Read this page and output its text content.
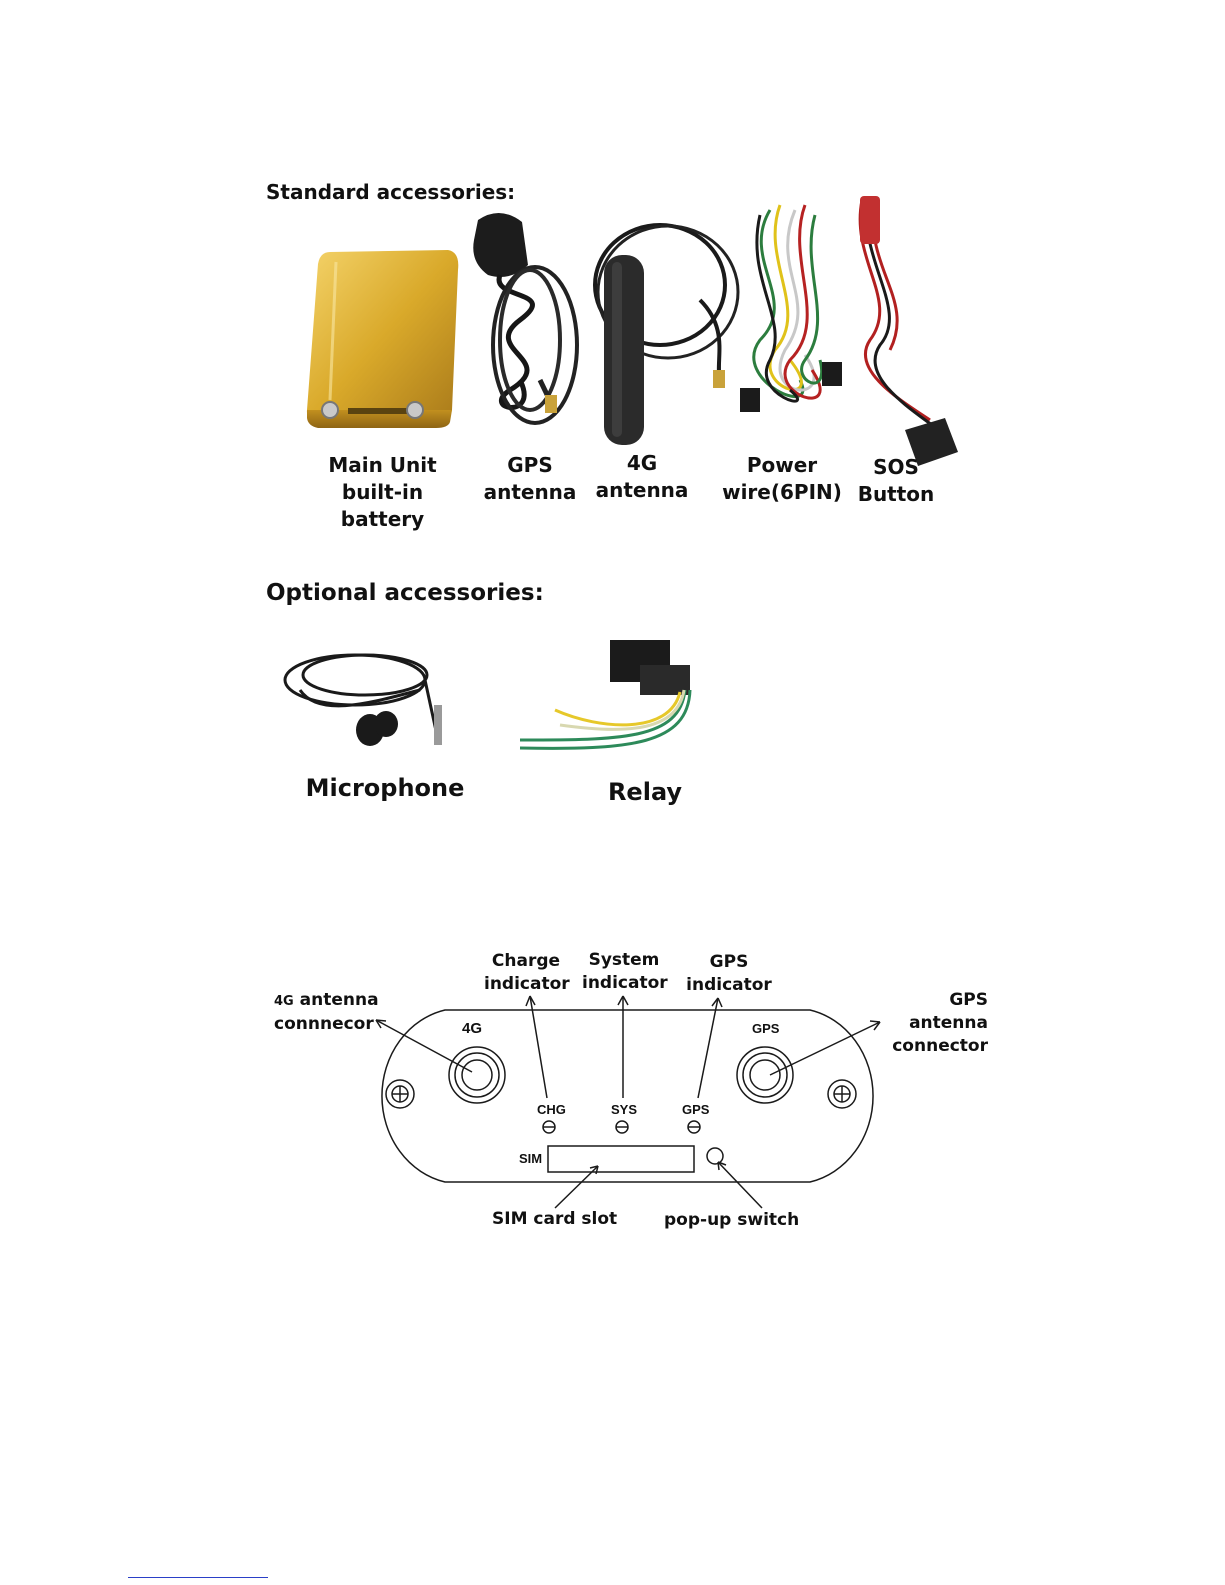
Standard accessories:
Main Unit
built-in battery
GPS
antenna
4G
antenna
Power
wire(6PIN)
SOS
Button
Optional accessories:
Microphone	Relay
Charge
indicator
System
indicator
GPS
indicator
4G antenna
connnecor
GPS antenna
connector
SIM card slot	pop-up switch
4G	GPS
CHG	SYS	GPS
SIM
